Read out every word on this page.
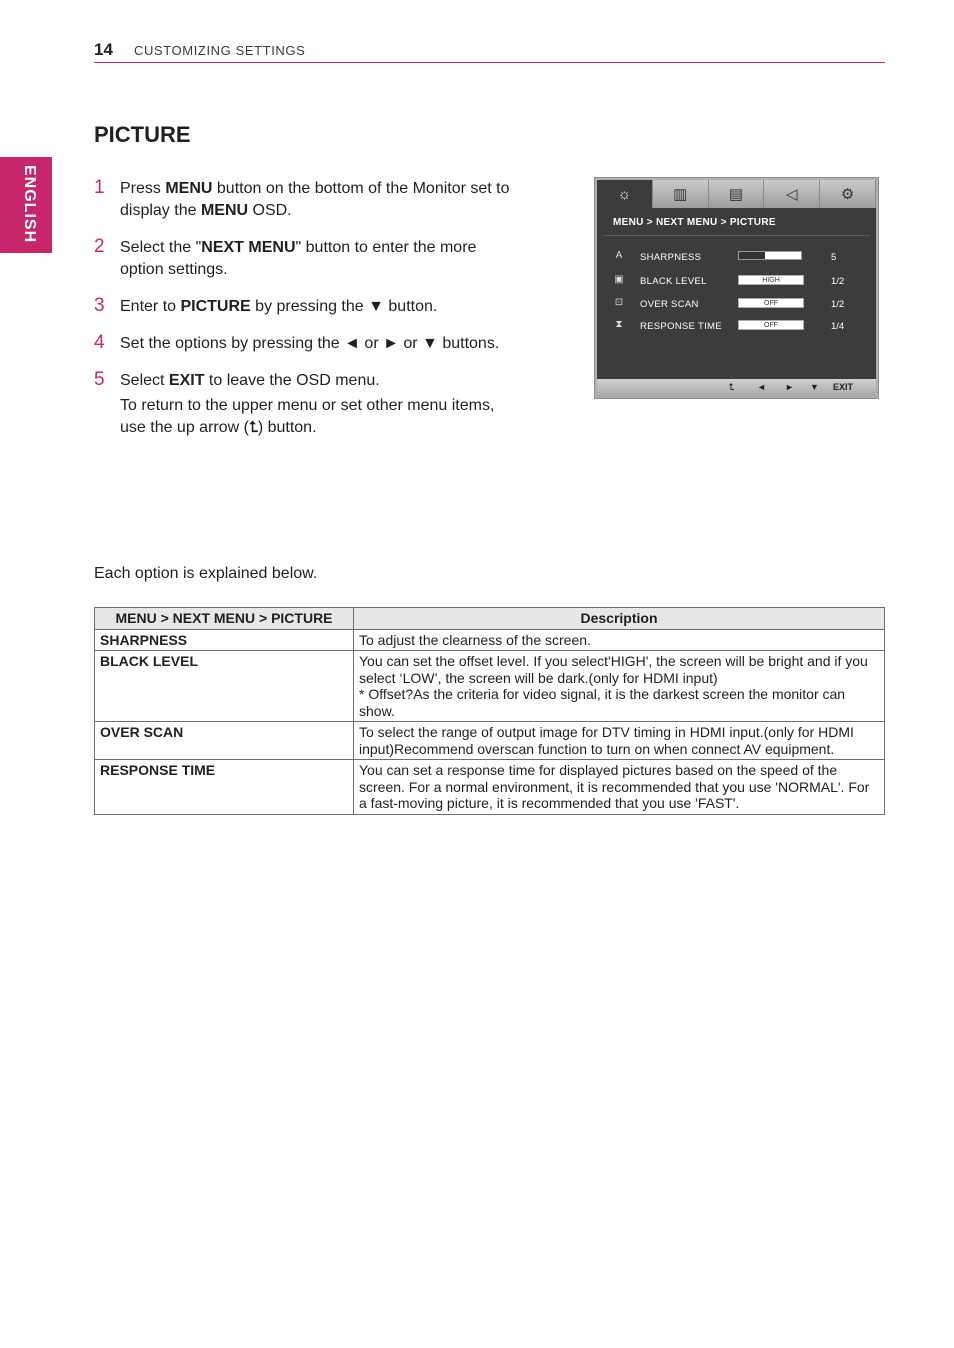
14 CUSTOMIZING SETTINGS
ENGLISH
PICTURE
1 Press MENU button on the bottom of the Monitor set to display the MENU OSD.
2 Select the "NEXT MENU" button to enter the more option settings.
3 Enter to PICTURE by pressing the ▼ button.
4 Set the options by pressing the ◄ or ► or ▼ buttons.
5 Select EXIT to leave the OSD menu.
To return to the upper menu or set other menu items, use the up arrow (⮤) button.
☼	▥	▤	◁	⚙
MENU > NEXT MENU > PICTURE
A SHARPNESS	5
▣ BLACK LEVEL	HIGH	1/2
⊡ OVER SCAN	OFF	1/2
⧗ RESPONSE TIME	OFF	1/4
⮤	◄ ► ▼ EXIT
Each option is explained below.
MENU > NEXT MENU > PICTURE	Description
SHARPNESS	To adjust the clearness of the screen.

BLACK LEVEL	You can set the offset level. If you select'HIGH', the screen will be bright and if you select ‘LOW’, the screen will be dark.(only for HDMI input)
* Offset?As the criteria for video signal, it is the darkest screen the monitor can show.

OVER SCAN	To select the range of output image for DTV timing in HDMI input.(only for HDMI input)Recommend overscan function to turn on when connect AV equipment.

RESPONSE TIME	You can set a response time for displayed pictures based on the speed of the screen. For a normal environment, it is recommended that you use 'NORMAL'. For a fast-moving picture, it is recommended that you use 'FAST'.
